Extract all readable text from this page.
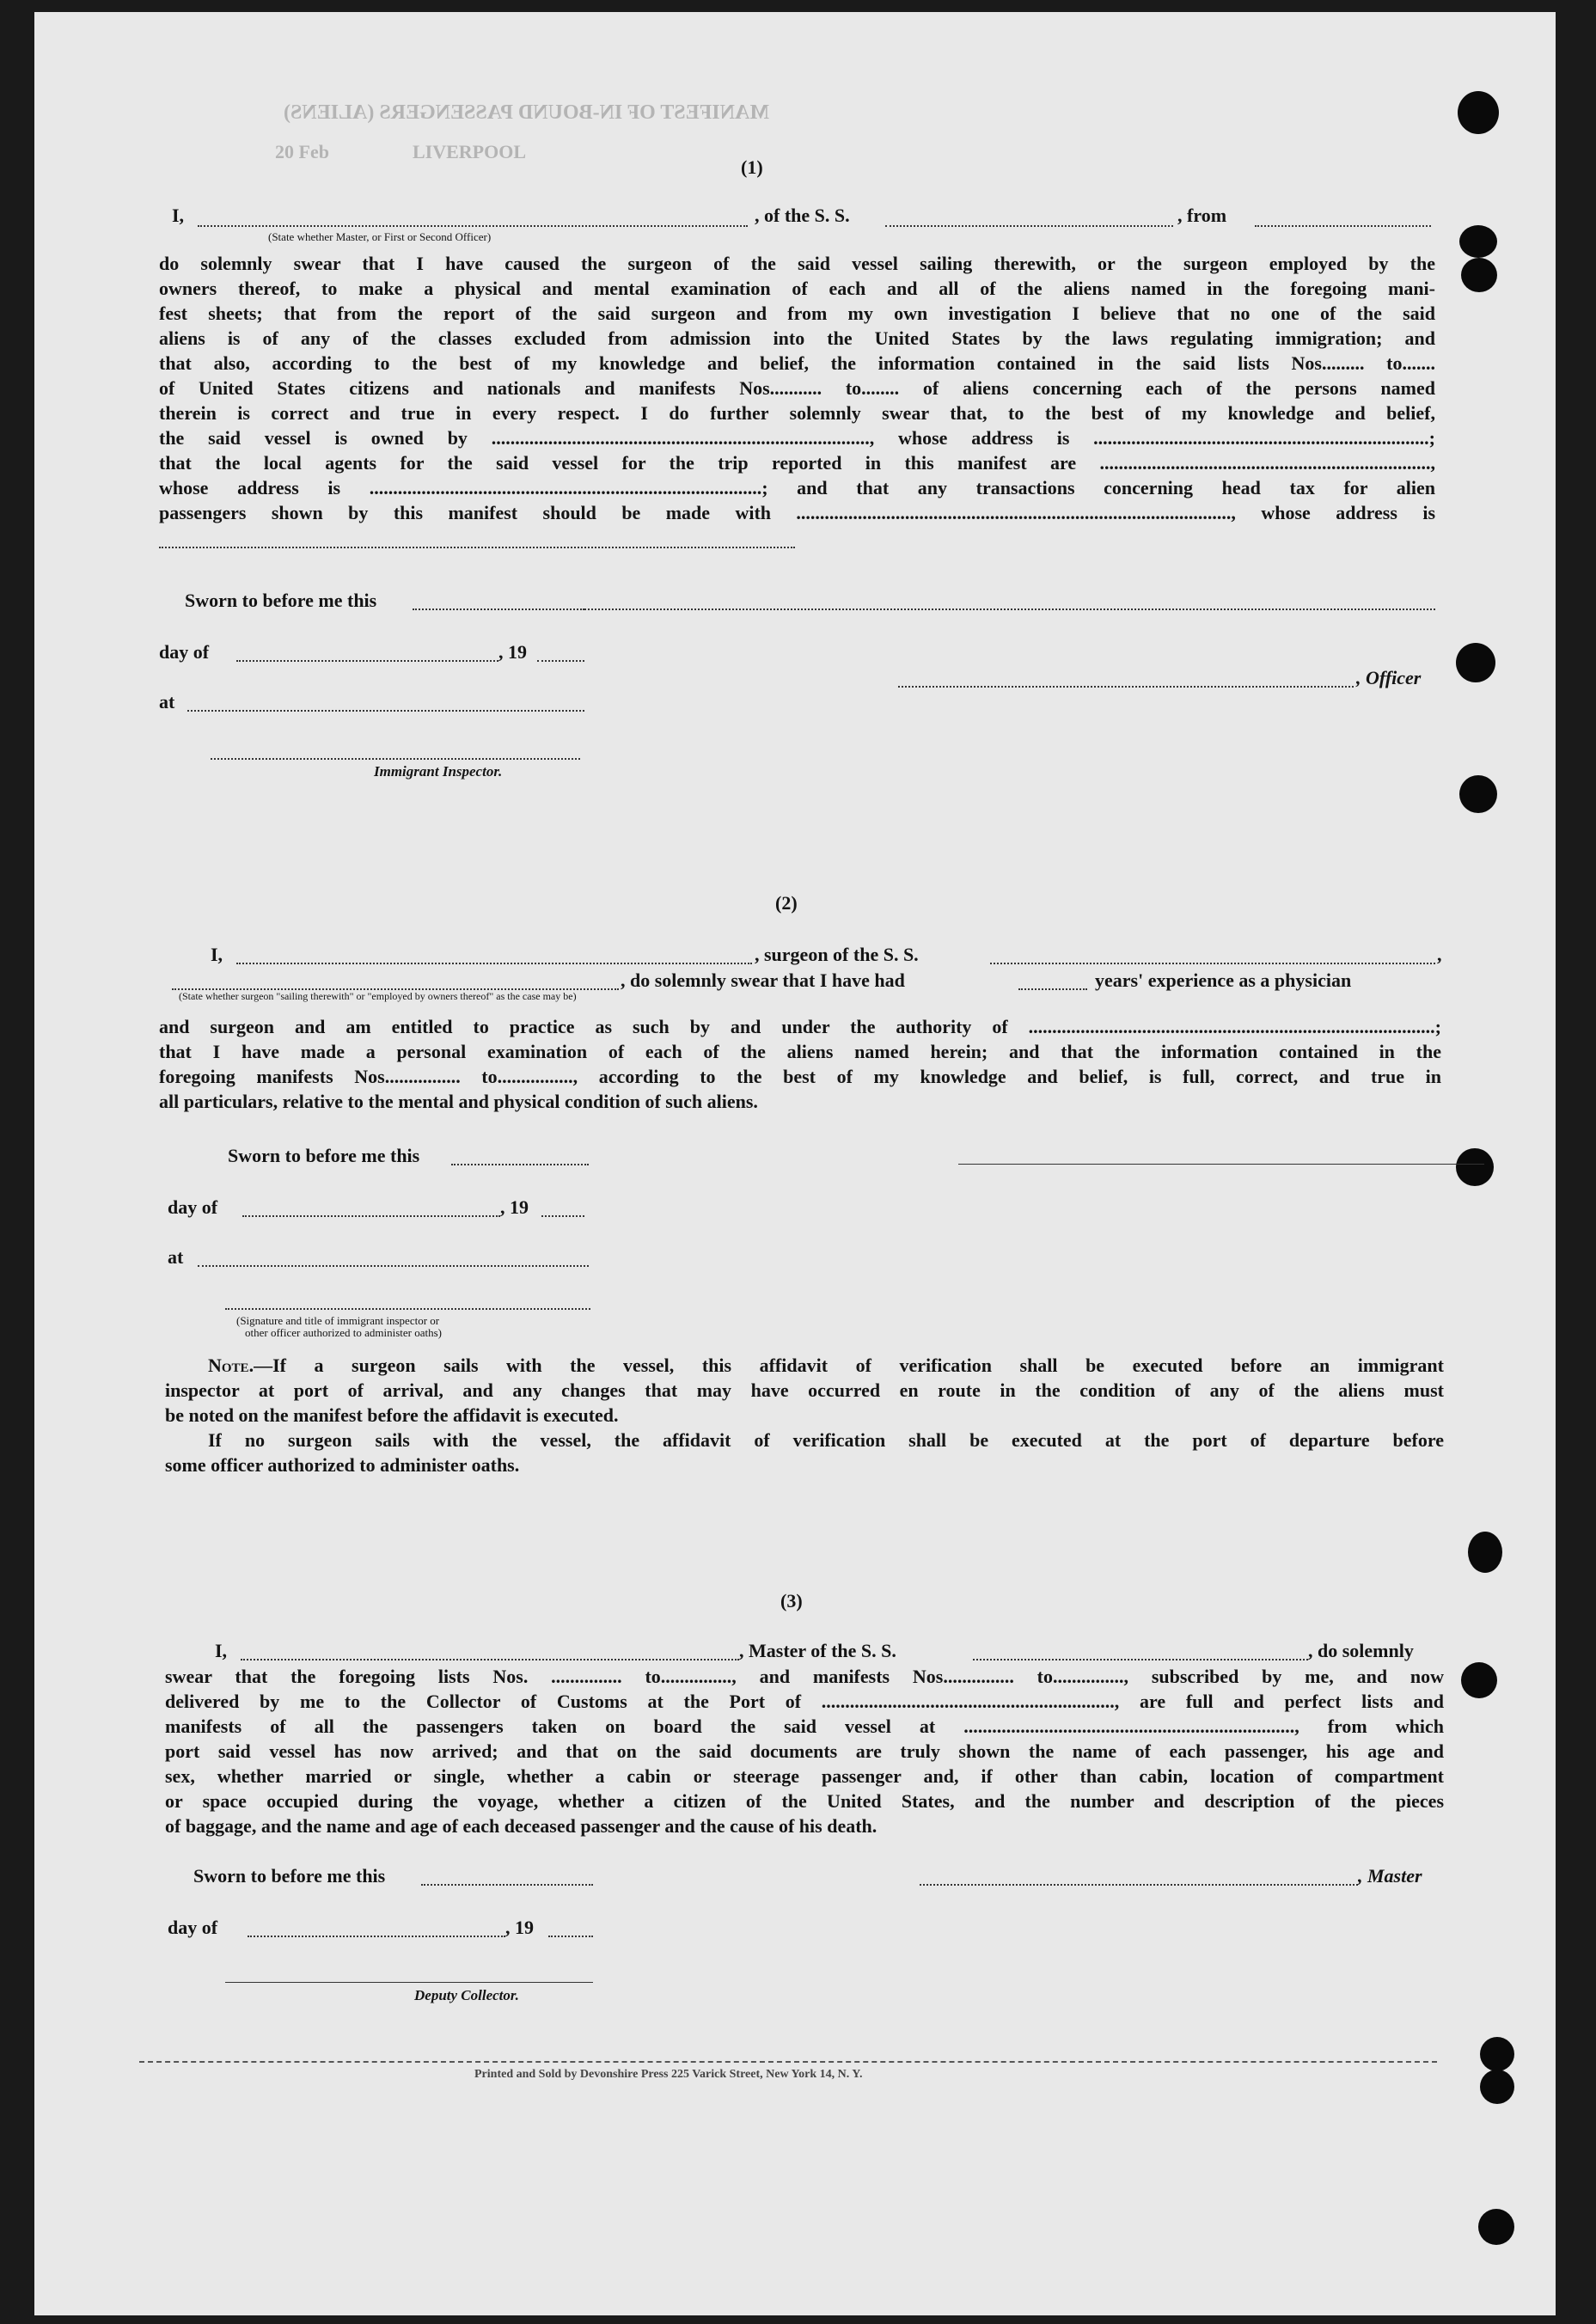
MANIFEST OF IN-BOUND PASSENGERS (ALIENS)
LIVERPOOL
20 Feb
(1)
I,	, of the S. S.	, from
(State whether Master, or First or Second Officer)
do solemnly swear that I have caused the surgeon of the said vessel sailing therewith, or the surgeon employed by the
owners thereof, to make a physical and mental examination of each and all of the aliens named in the foregoing mani-
fest sheets; that from the report of the said surgeon and from my own investigation I believe that no one of the said
aliens is of any of the classes excluded from admission into the United States by the laws regulating immigration; and
that also, according to the best of my knowledge and belief, the information contained in the said lists Nos......... to.......
of United States citizens and nationals and manifests Nos........... to........ of aliens concerning each of the persons named
therein is correct and true in every respect. I do further solemnly swear that, to the best of my knowledge and belief,
the said vessel is owned by ................................................................................, whose address is .......................................................................;
that the local agents for the said vessel for the trip reported in this manifest are ......................................................................,
whose address is ...................................................................................; and that any transactions concerning head tax for alien
passengers shown by this manifest should be made with ............................................................................................, whose address is
Sworn to before me this
day of	, 19
, Officer
at
Immigrant Inspector.
(2)
I,	, surgeon of the S. S.	,
, do solemnly swear that I have had	years' experience as a physician
(State whether surgeon "sailing therewith" or "employed by owners thereof" as the case may be)
and surgeon and am entitled to practice as such by and under the authority of ......................................................................................;
that I have made a personal examination of each of the aliens named herein; and that the information contained in the
foregoing manifests Nos................ to................, according to the best of my knowledge and belief, is full, correct, and true in
all particulars, relative to the mental and physical condition of such aliens.
Sworn to before me this
day of	, 19
at
(Signature and title of immigrant inspector or
other officer authorized to administer oaths)
Note.—If a surgeon sails with the vessel, this affidavit of verification shall be executed before an immigrant
inspector at port of arrival, and any changes that may have occurred en route in the condition of any of the aliens must
be noted on the manifest before the affidavit is executed.
If no surgeon sails with the vessel, the affidavit of verification shall be executed at the port of departure before
some officer authorized to administer oaths.
(3)
I,	, Master of the S. S.	, do solemnly
swear that the foregoing lists Nos. ............... to..............., and manifests Nos............... to..............., subscribed by me, and now
delivered by me to the Collector of Customs at the Port of .............................................................., are full and perfect lists and
manifests of all the passengers taken on board the said vessel at ......................................................................, from which
port said vessel has now arrived; and that on the said documents are truly shown the name of each passenger, his age and
sex, whether married or single, whether a cabin or steerage passenger and, if other than cabin, location of compartment
or space occupied during the voyage, whether a citizen of the United States, and the number and description of the pieces
of baggage, and the name and age of each deceased passenger and the cause of his death.
Sworn to before me this	, Master
day of	, 19
Deputy Collector.
Printed and Sold by Devonshire Press 225 Varick Street, New York 14, N. Y.
